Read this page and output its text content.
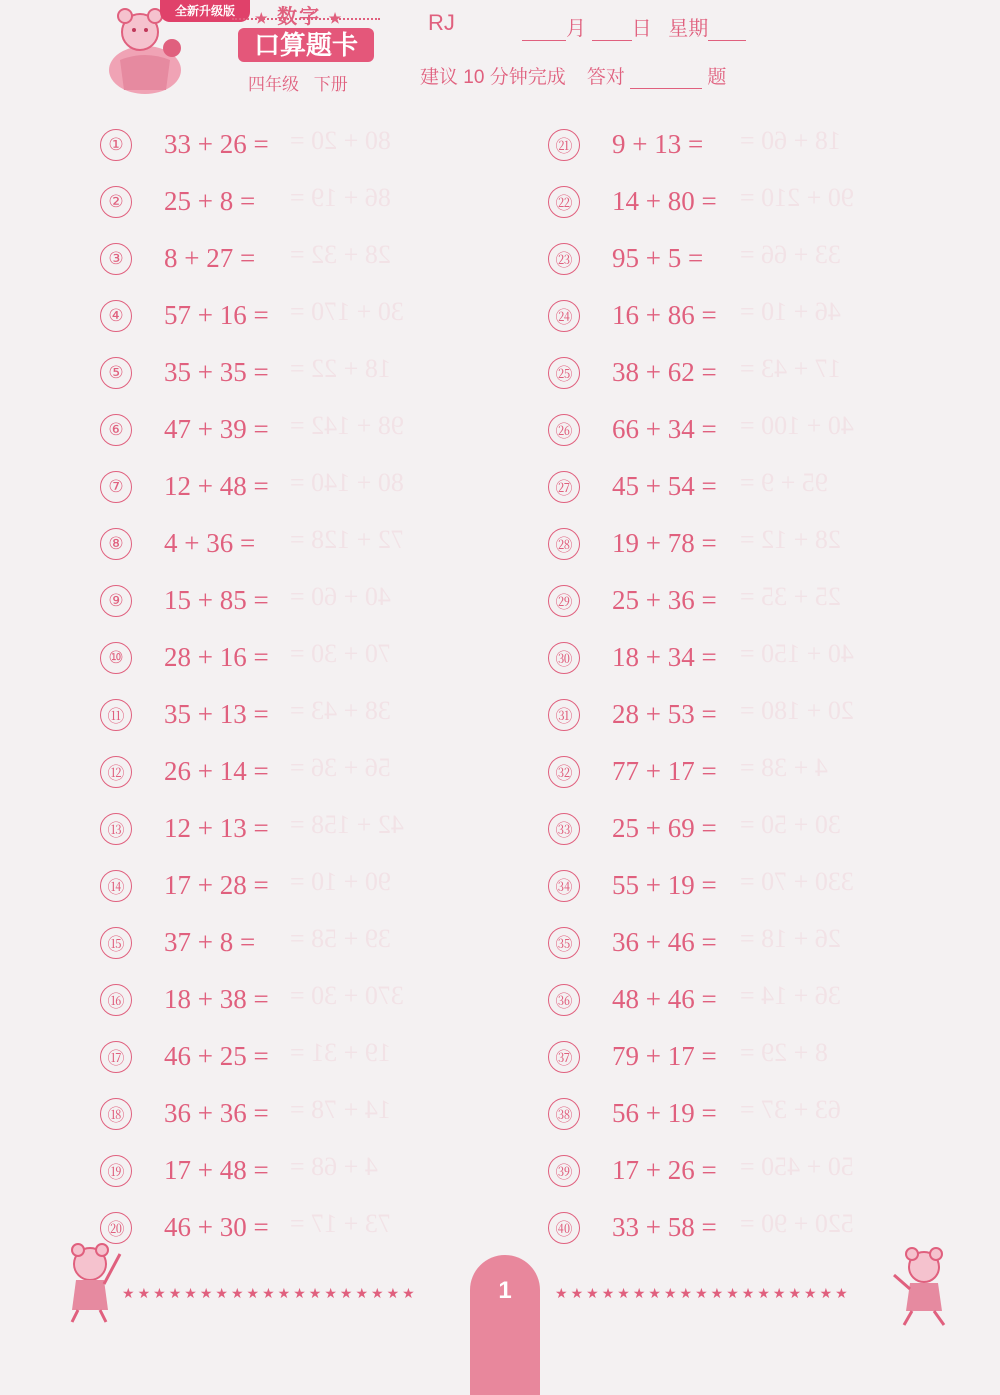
全新升级版	数字
口算题卡
四年级 下册
RJ	月 日 星期
建议 10 分钟完成 答对	题
80 + 20 =
86 + 19 =
28 + 32 =
30 + 170 =
18 + 22 =
98 + 142 =
80 + 140 =
72 + 128 =
40 + 60 =
70 + 30 =
38 + 43 =
56 + 36 =
42 + 158 =
90 + 10 =
39 + 58 =
370 + 30 =
19 + 31 =
14 + 78 =
4 + 68 =
73 + 17 =
18 + 60 =
90 + 210 =
33 + 66 =
46 + 10 =
17 + 43 =
40 + 100 =
95 + 9 =
28 + 12 =
25 + 35 =
40 + 150 =
20 + 180 =
4 + 38 =
30 + 50 =
330 + 70 =
26 + 18 =
36 + 14 =
8 + 29 =
63 + 37 =
50 + 450 =
520 + 90 =
①	33 + 26 =
②	25 + 8 =
③	8 + 27 =
④	57 + 16 =
⑤	35 + 35 =
⑥	47 + 39 =
⑦	12 + 48 =
⑧	4 + 36 =
⑨	15 + 85 =
⑩	28 + 16 =
⑪ 35 + 13 =
⑫ 26 + 14 =
⑬ 12 + 13 =
⑭ 17 + 28 =
⑮ 37 + 8 =
⑯ 18 + 38 =
⑰ 46 + 25 =
⑱ 36 + 36 =
⑲ 17 + 48 =
⑳ 46 + 30 =
㉑ 9 + 13 =
㉒ 14 + 80 =
㉓ 95 + 5 =
㉔ 16 + 86 =
㉕ 38 + 62 =
㉖ 66 + 34 =
㉗ 45 + 54 =
㉘ 19 + 78 =
㉙ 25 + 36 =
㉚ 18 + 34 =
㉛ 28 + 53 =
㉜ 77 + 17 =
㉝ 25 + 69 =
㉞ 55 + 19 =
㉟ 36 + 46 =
㊱ 48 + 46 =
㊲ 79 + 17 =
㊳ 56 + 19 =
㊴ 17 + 26 =
㊵ 33 + 58 =
★★★★★★★★★★★★★★★★★★★	1	★★★★★★★★★★★★★★★★★★★
